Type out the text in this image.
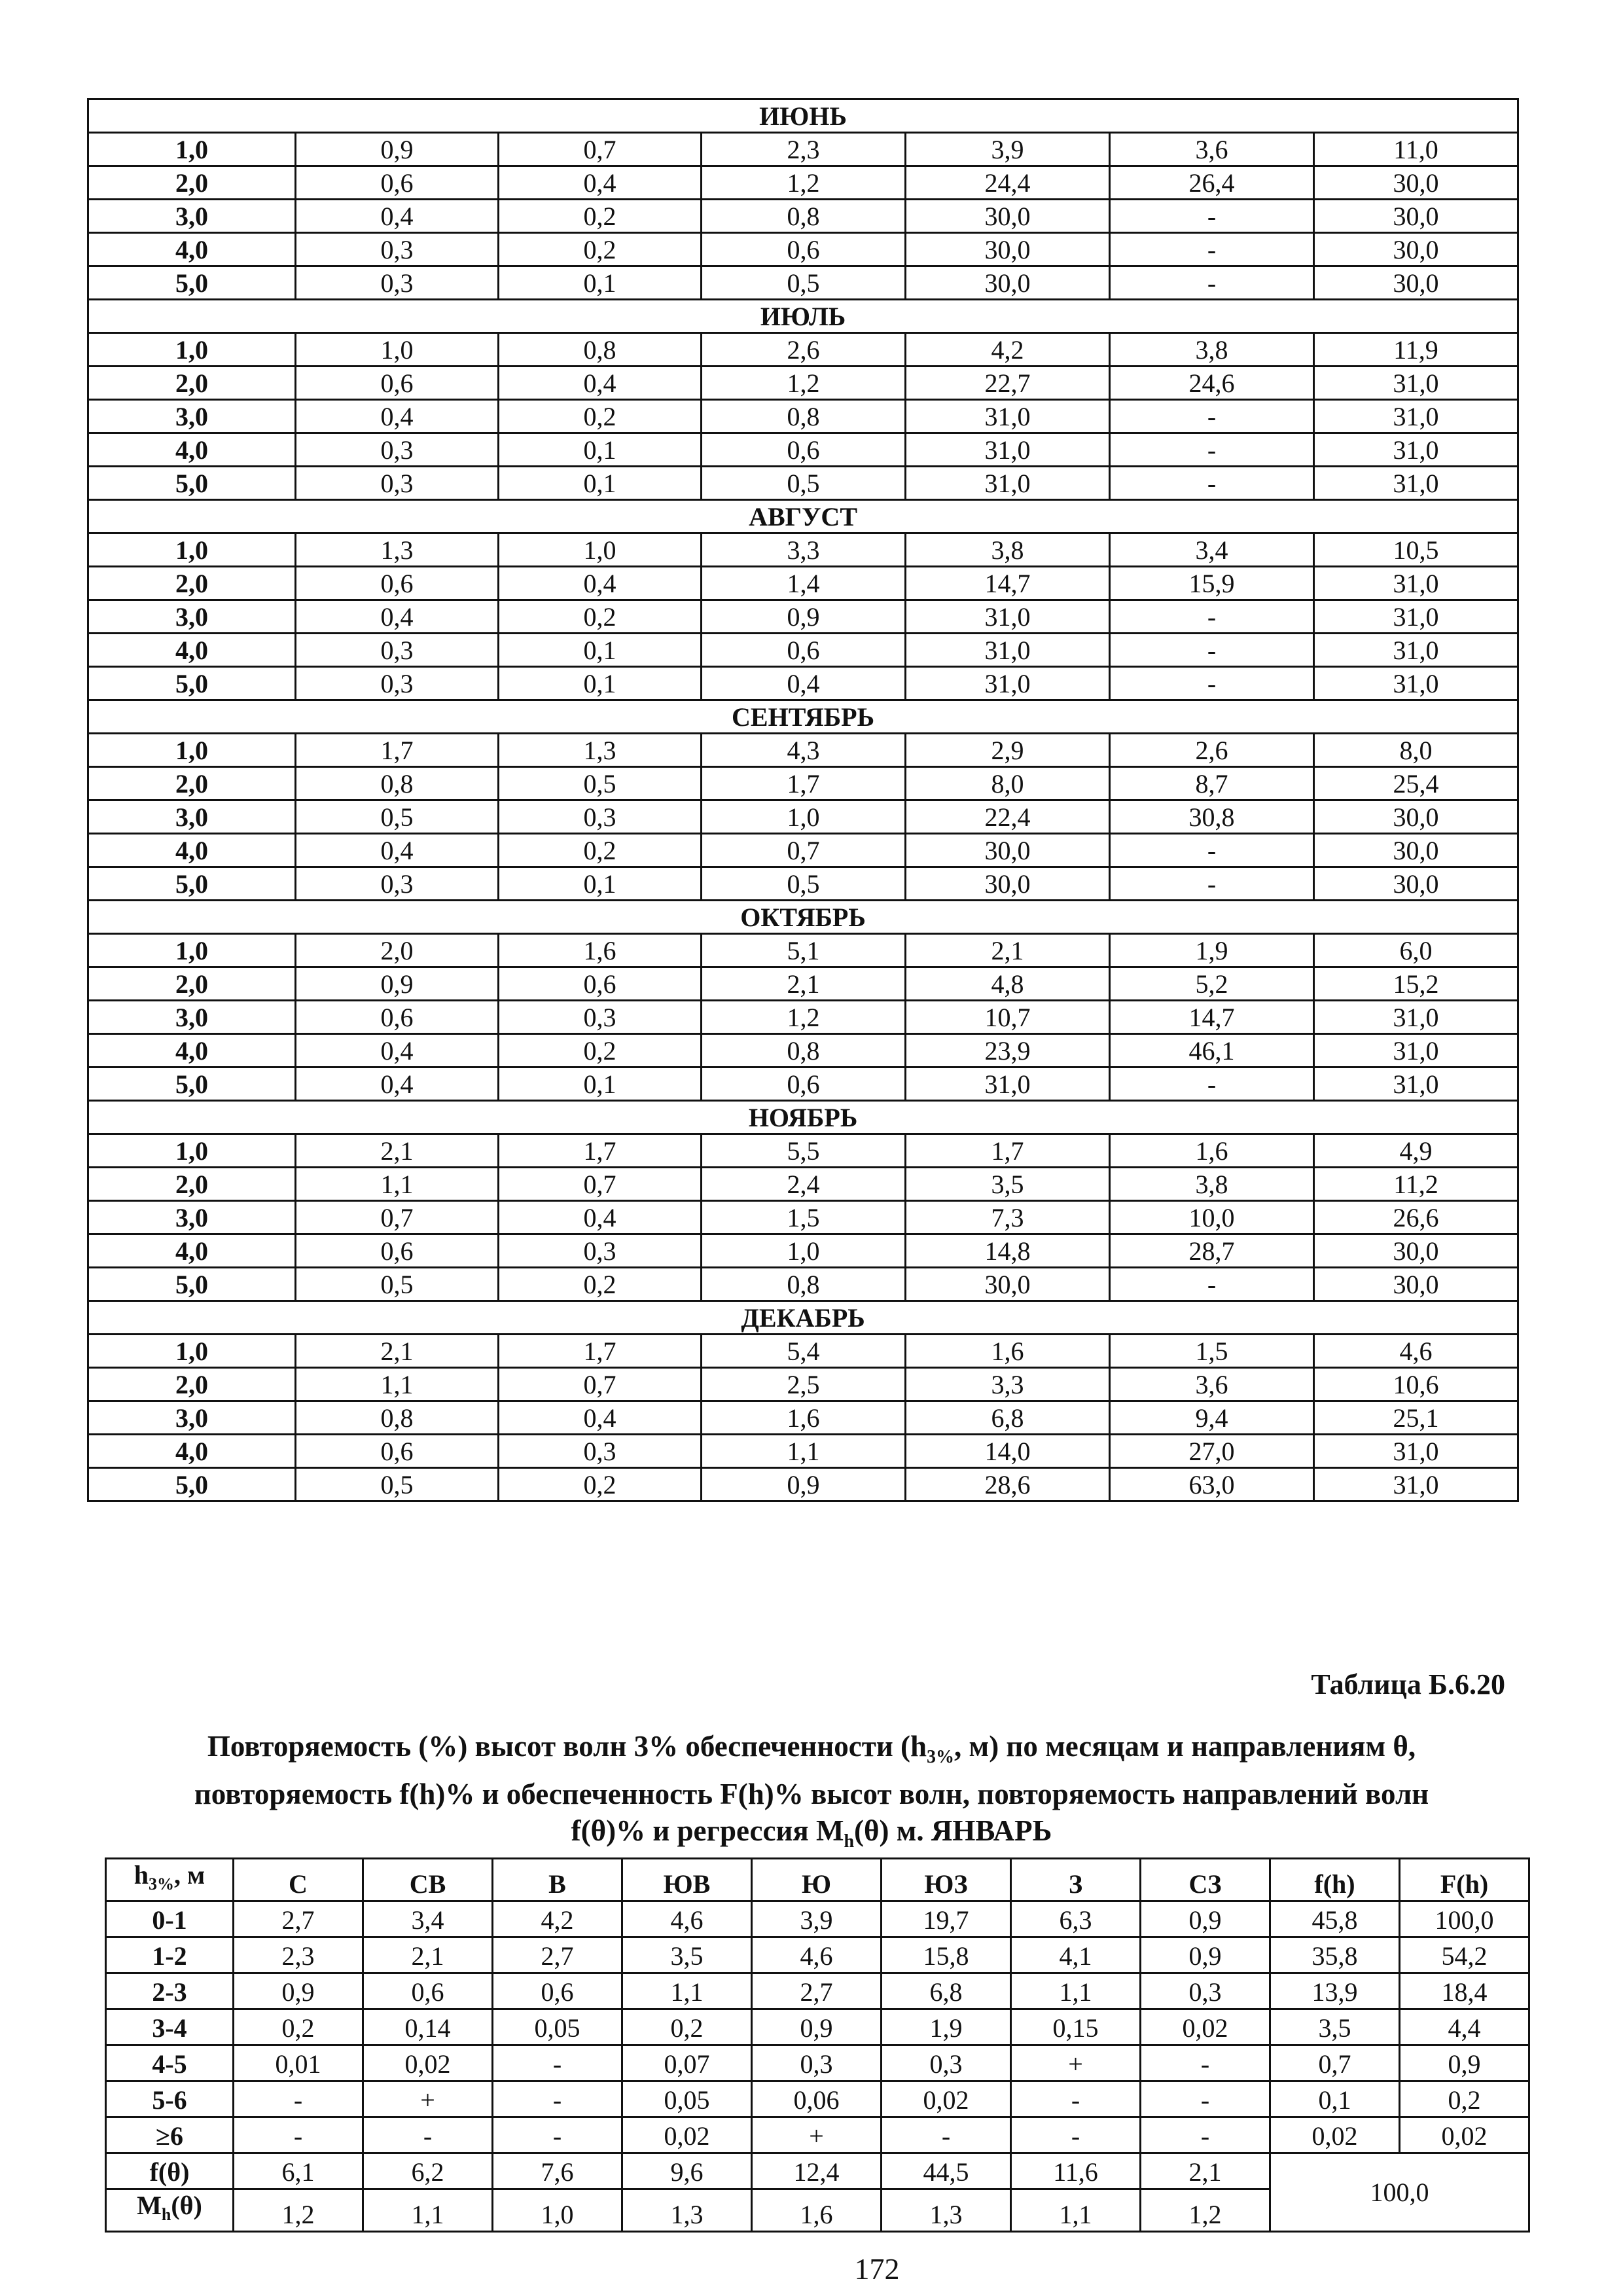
ИЮНЬ						
1,0	0,9	0,7	2,3	3,9	3,6	11,0
2,0	0,6	0,4	1,2	24,4	26,4	30,0
3,0	0,4	0,2	0,8	30,0	-	30,0
4,0	0,3	0,2	0,6	30,0	-	30,0
5,0	0,3	0,1	0,5	30,0	-	30,0
ИЮЛЬ						
1,0	1,0	0,8	2,6	4,2	3,8	11,9
2,0	0,6	0,4	1,2	22,7	24,6	31,0
3,0	0,4	0,2	0,8	31,0	-	31,0
4,0	0,3	0,1	0,6	31,0	-	31,0
5,0	0,3	0,1	0,5	31,0	-	31,0
АВГУСТ						
1,0	1,3	1,0	3,3	3,8	3,4	10,5
2,0	0,6	0,4	1,4	14,7	15,9	31,0
3,0	0,4	0,2	0,9	31,0	-	31,0
4,0	0,3	0,1	0,6	31,0	-	31,0
5,0	0,3	0,1	0,4	31,0	-	31,0
СЕНТЯБРЬ						
1,0	1,7	1,3	4,3	2,9	2,6	8,0
2,0	0,8	0,5	1,7	8,0	8,7	25,4
3,0	0,5	0,3	1,0	22,4	30,8	30,0
4,0	0,4	0,2	0,7	30,0	-	30,0
5,0	0,3	0,1	0,5	30,0	-	30,0
ОКТЯБРЬ						
1,0	2,0	1,6	5,1	2,1	1,9	6,0
2,0	0,9	0,6	2,1	4,8	5,2	15,2
3,0	0,6	0,3	1,2	10,7	14,7	31,0
4,0	0,4	0,2	0,8	23,9	46,1	31,0
5,0	0,4	0,1	0,6	31,0	-	31,0
НОЯБРЬ						
1,0	2,1	1,7	5,5	1,7	1,6	4,9
2,0	1,1	0,7	2,4	3,5	3,8	11,2
3,0	0,7	0,4	1,5	7,3	10,0	26,6
4,0	0,6	0,3	1,0	14,8	28,7	30,0
5,0	0,5	0,2	0,8	30,0	-	30,0
ДЕКАБРЬ						
1,0	2,1	1,7	5,4	1,6	1,5	4,6
2,0	1,1	0,7	2,5	3,3	3,6	10,6
3,0	0,8	0,4	1,6	6,8	9,4	25,1
4,0	0,6	0,3	1,1	14,0	27,0	31,0
5,0	0,5	0,2	0,9	28,6	63,0	31,0
Таблица Б.6.20
Повторяемость (%) высот волн 3% обеспеченности ($h_{3\%}$, м) по месяцам и направлениям θ,
повторяемость f(h)% и обеспеченность F(h)% высот волн, повторяемость направлений волн
f(θ)% и регрессия $M_h(\theta)$ м. ЯНВАРЬ
$h_{3\%}$, м	С	СВ	В	ЮВ	Ю	ЮЗ	З	СЗ	f(h)	F(h)
0-1	2,7	3,4	4,2	4,6	3,9	19,7	6,3	0,9	45,8	100,0
1-2	2,3	2,1	2,7	3,5	4,6	15,8	4,1	0,9	35,8	54,2
2-3	0,9	0,6	0,6	1,1	2,7	6,8	1,1	0,3	13,9	18,4
3-4	0,2	0,14	0,05	0,2	0,9	1,9	0,15	0,02	3,5	4,4
4-5	0,01	0,02	-	0,07	0,3	0,3	+	-	0,7	0,9
5-6	-	+	-	0,05	0,06	0,02	-	-	0,1	0,2
≥6	-	-	-	0,02	+	-	-	-	0,02	0,02
f(θ)	6,1	6,2	7,6	9,6	12,4	44,5	11,6	2,1	100,0	
$M_h(\theta)$	1,2	1,1	1,0	1,3	1,6	1,3	1,1	1,2		
172
